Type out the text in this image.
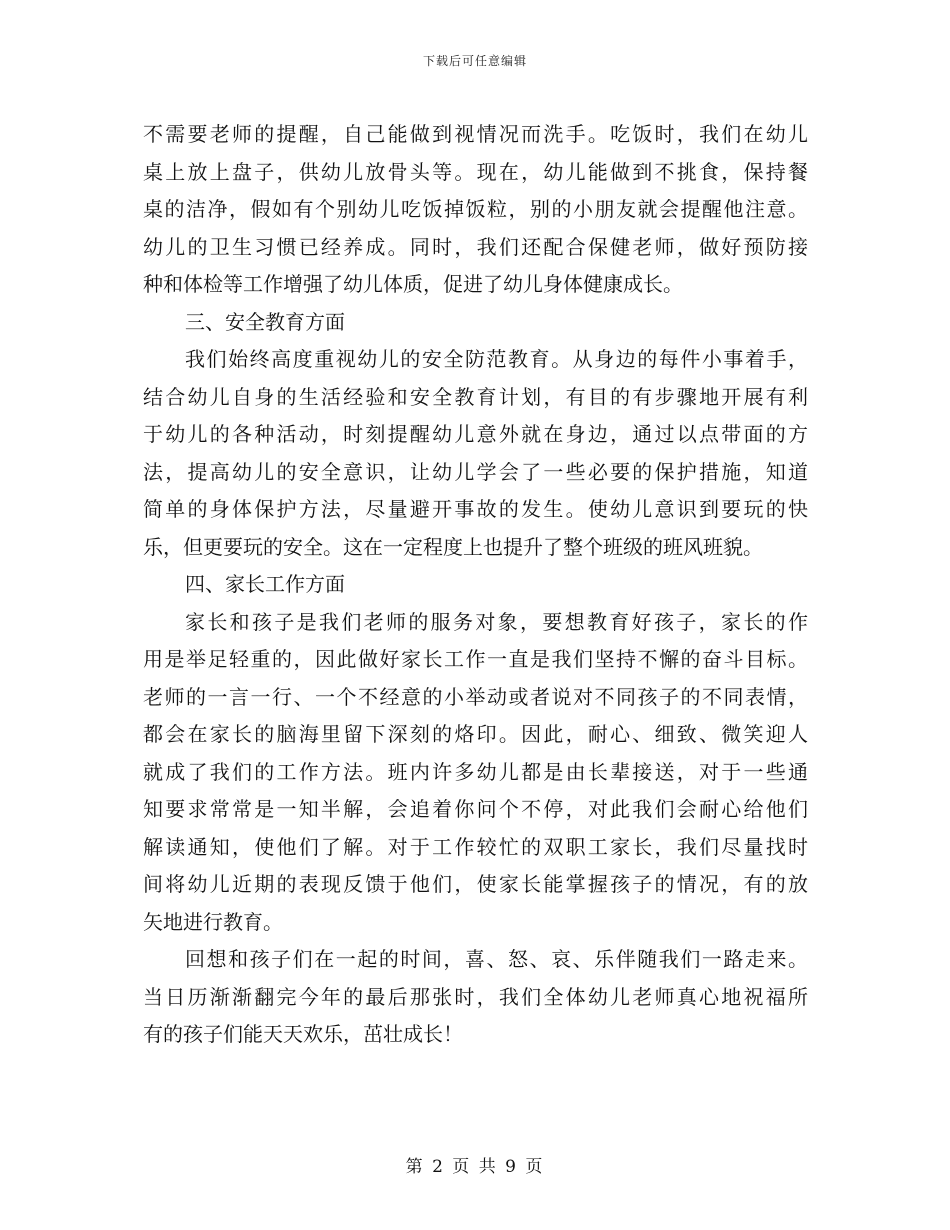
下载后可任意编辑
不需要老师的提醒，自己能做到视情况而洗手。吃饭时，我们在幼儿
桌上放上盘子，供幼儿放骨头等。现在，幼儿能做到不挑食，保持餐
桌的洁净，假如有个别幼儿吃饭掉饭粒，别的小朋友就会提醒他注意。
幼儿的卫生习惯已经养成。同时，我们还配合保健老师，做好预防接
种和体检等工作增强了幼儿体质，促进了幼儿身体健康成长。
三、安全教育方面
我们始终高度重视幼儿的安全防范教育。从身边的每件小事着手，
结合幼儿自身的生活经验和安全教育计划，有目的有步骤地开展有利
于幼儿的各种活动，时刻提醒幼儿意外就在身边，通过以点带面的方
法，提高幼儿的安全意识，让幼儿学会了一些必要的保护措施，知道
简单的身体保护方法，尽量避开事故的发生。使幼儿意识到要玩的快
乐，但更要玩的安全。这在一定程度上也提升了整个班级的班风班貌。
四、家长工作方面
家长和孩子是我们老师的服务对象，要想教育好孩子，家长的作
用是举足轻重的，因此做好家长工作一直是我们坚持不懈的奋斗目标。
老师的一言一行、一个不经意的小举动或者说对不同孩子的不同表情，
都会在家长的脑海里留下深刻的烙印。因此，耐心、细致、微笑迎人
就成了我们的工作方法。班内许多幼儿都是由长辈接送，对于一些通
知要求常常是一知半解，会追着你问个不停，对此我们会耐心给他们
解读通知，使他们了解。对于工作较忙的双职工家长，我们尽量找时
间将幼儿近期的表现反馈于他们，使家长能掌握孩子的情况，有的放
矢地进行教育。
回想和孩子们在一起的时间，喜、怒、哀、乐伴随我们一路走来。
当日历渐渐翻完今年的最后那张时，我们全体幼儿老师真心地祝福所
有的孩子们能天天欢乐，茁壮成长！
第 2 页 共 9 页
